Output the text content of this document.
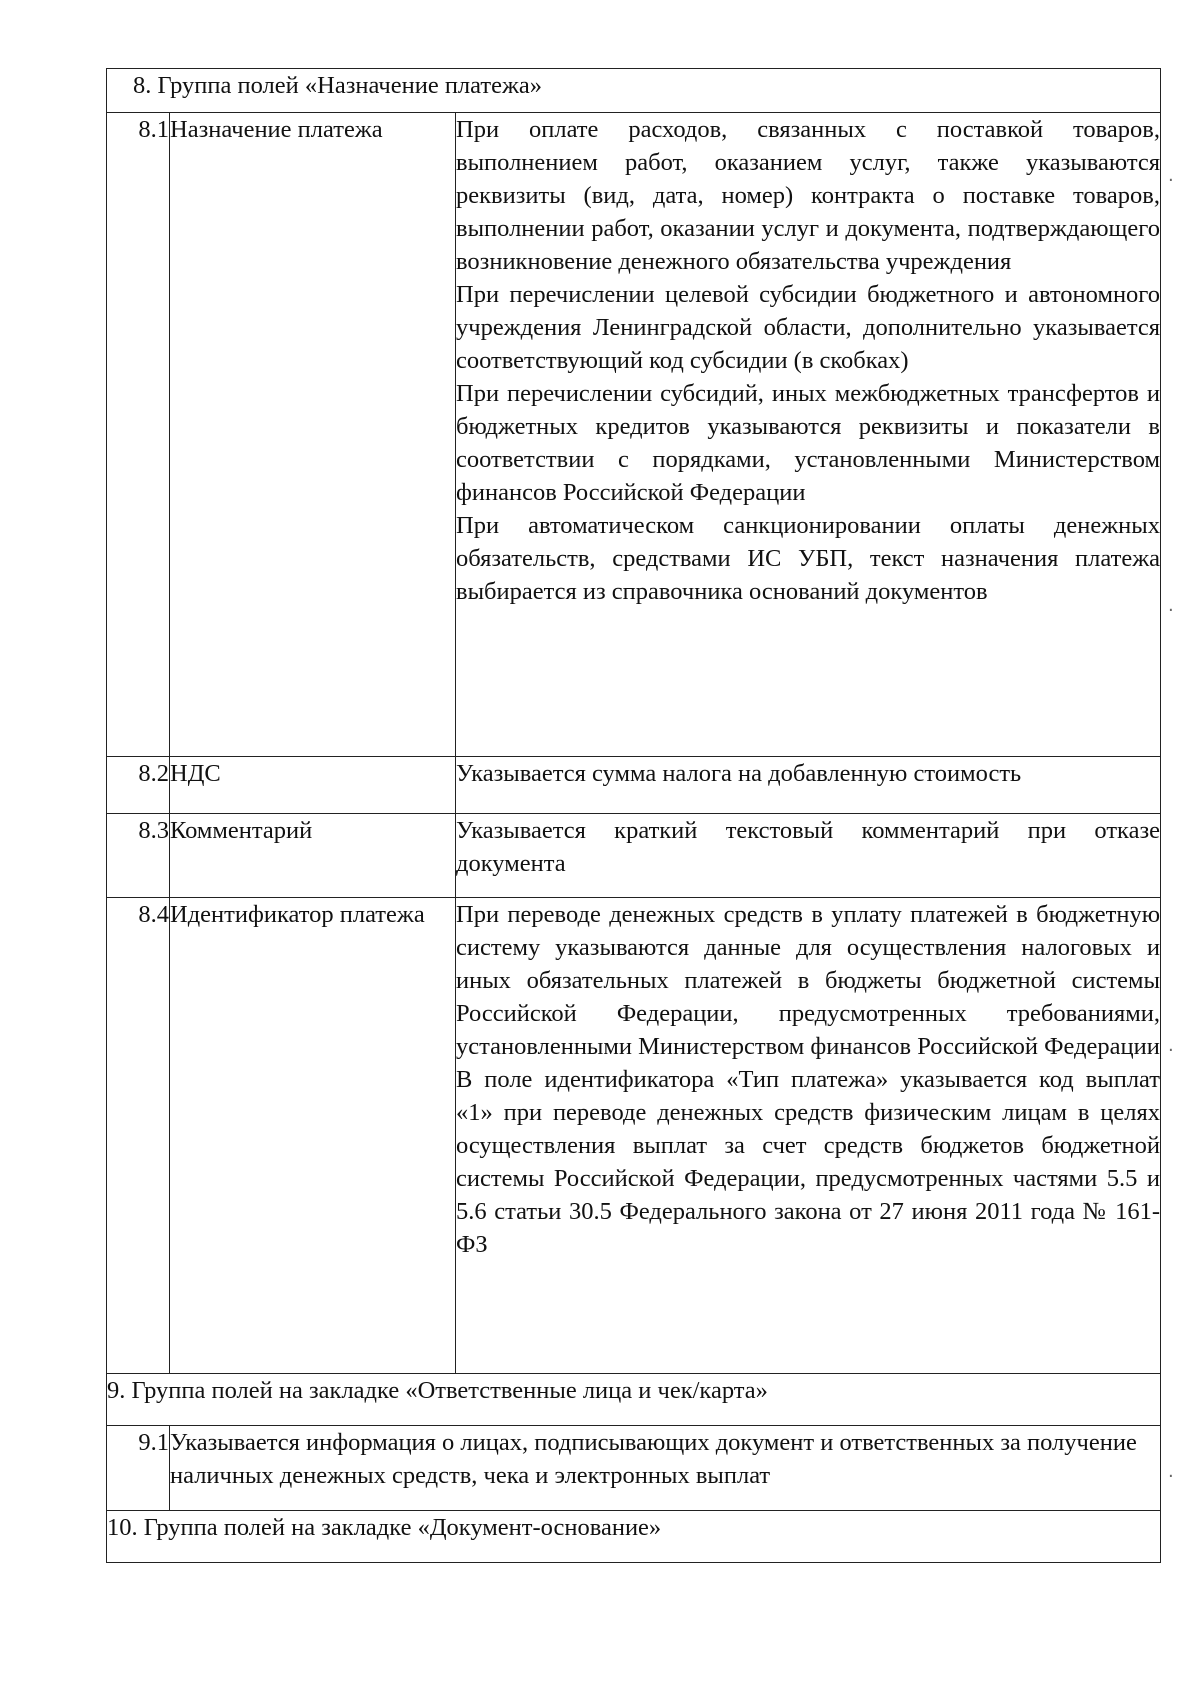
8. Группа полей «Назначение платежа»		
8.1	Назначение платежа	При оплате расходов, связанных с поставкой товаров, выполнением работ, оказанием услуг, также указываются реквизиты (вид, дата, номер) контракта о поставке товаров, выполнении работ, оказании услуг и документа, подтверждающего возникновение денежного обязательства учреждения

При перечислении целевой субсидии бюджетного и автономного учреждения Ленинградской области, дополнительно указывается соответствующий код субсидии (в скобках)

При перечислении субсидий, иных межбюджетных трансфертов и бюджетных кредитов указываются реквизиты и показатели в соответствии с порядками, установленными Министерством финансов Российской Федерации

При автоматическом санкционировании оплаты денежных обязательств, средствами ИС УБП, текст назначения платежа выбирается из справочника оснований документов

8.2	НДС	Указывается сумма налога на добавленную стоимость

8.3	Комментарий	Указывается краткий текстовый комментарий при отказе документа

8.4	Идентификатор платежа	При переводе денежных средств в уплату платежей в бюджетную систему указываются данные для осуществления налоговых и иных обязательных платежей в бюджеты бюджетной системы Российской Федерации, предусмотренных требованиями, установленными Министерством финансов Российской Федерации

В поле идентификатора «Тип платежа» указывается код выплат «1» при переводе денежных средств физическим лицам в целях осуществления выплат за счет средств бюджетов бюджетной системы Российской Федерации, предусмотренных частями 5.5 и 5.6 статьи 30.5 Федерального закона от 27 июня 2011 года № 161-ФЗ

9. Группа полей на закладке «Ответственные лица и чек/карта»		
9.1	Указывается информация о лицах, подписывающих документ и ответственных за получение наличных денежных средств, чека и электронных выплат	
10. Группа полей на закладке «Документ-основание»		
·
·
·
·
